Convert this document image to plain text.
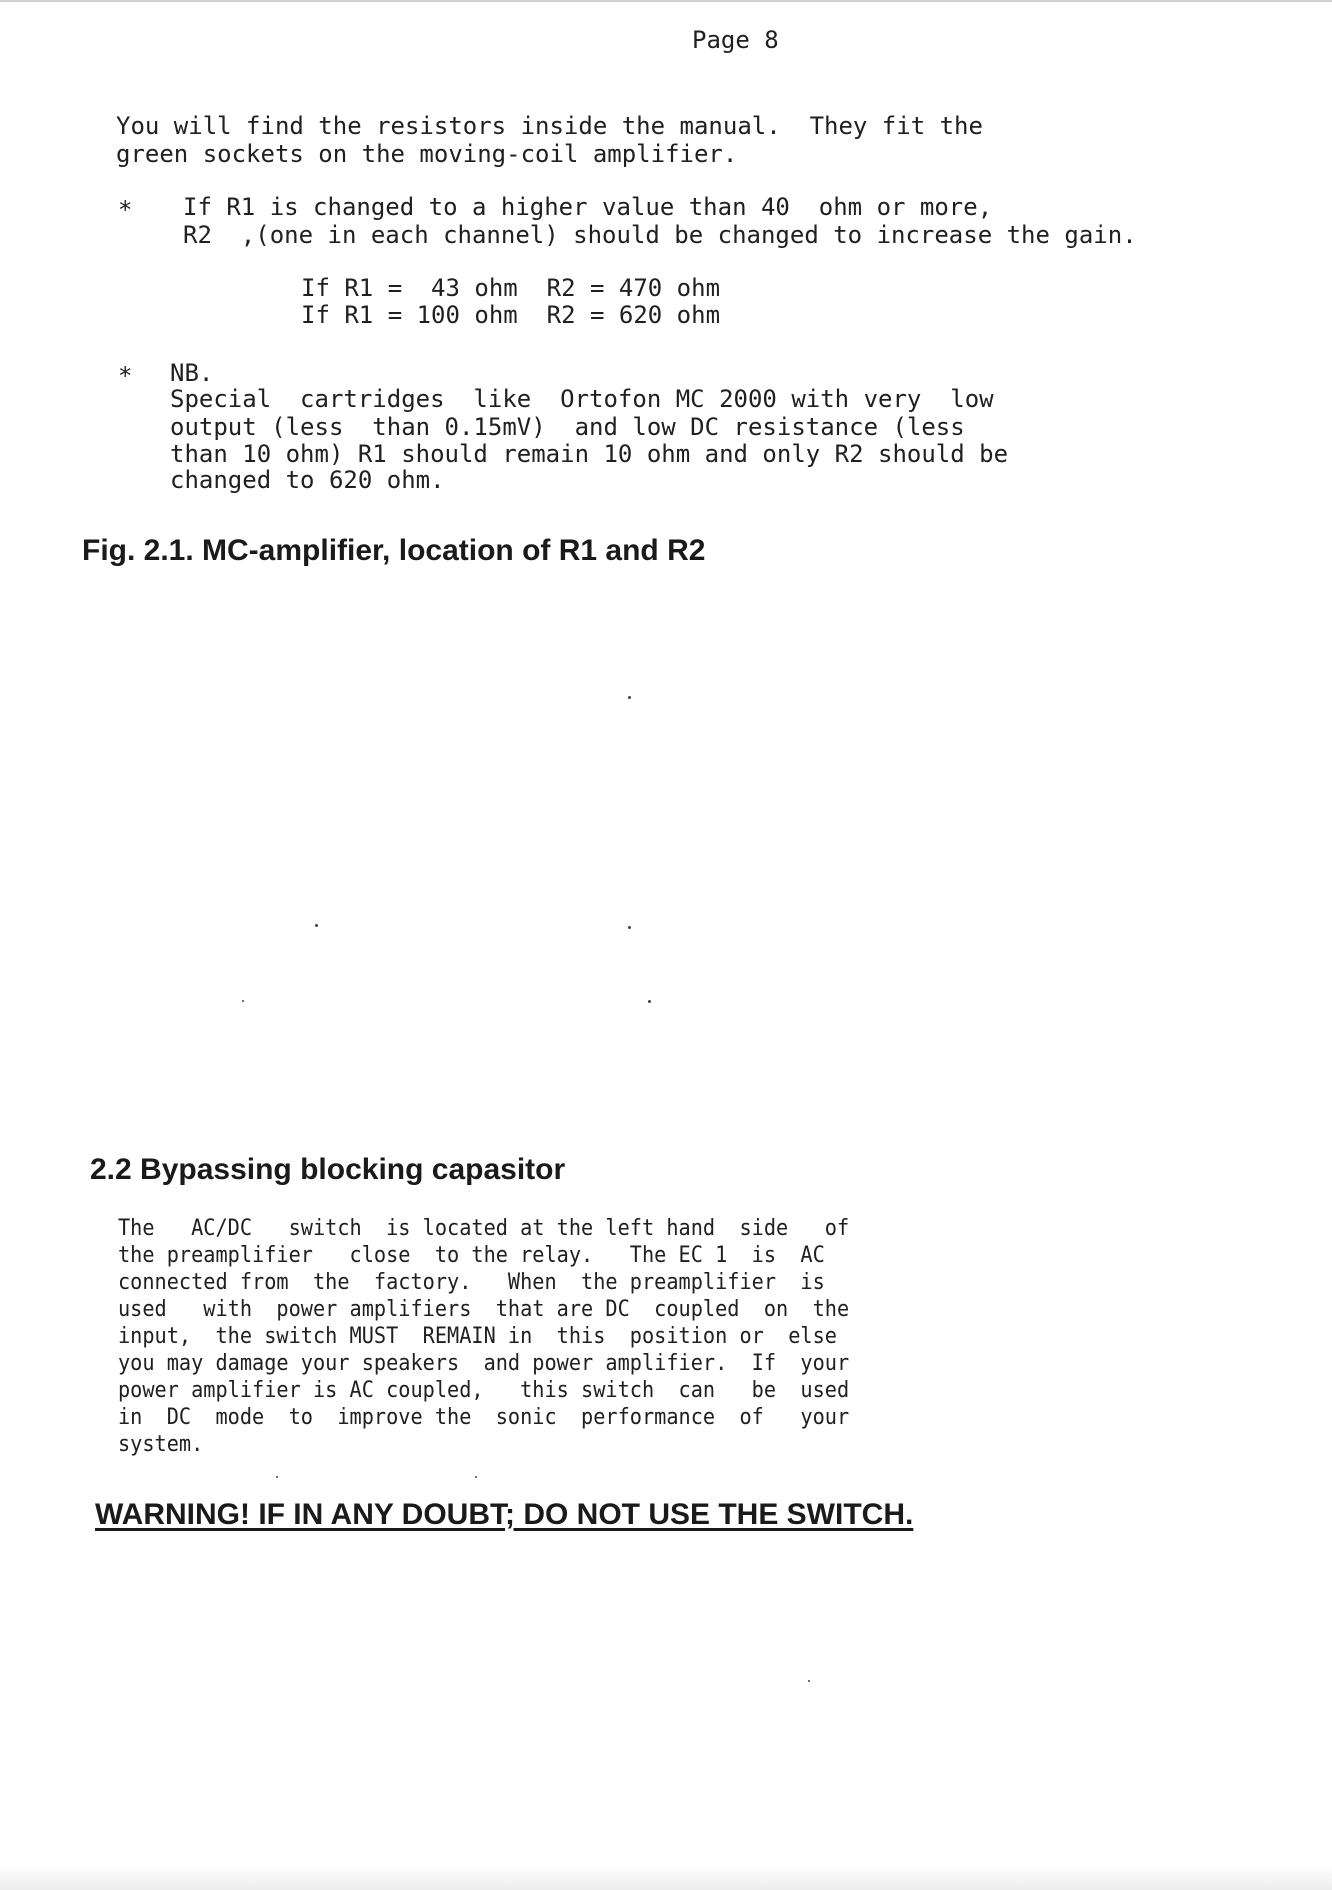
Page 8
You will find the resistors inside the manual.  They fit the
green sockets on the moving-coil amplifier.
* If R1 is changed to a higher value than 40  ohm or more,
R2  ,(one in each channel) should be changed to increase the gain.
If R1 =  43 ohm  R2 = 470 ohm
If R1 = 100 ohm  R2 = 620 ohm
* NB.
Special  cartridges  like  Ortofon MC 2000 with very  low
output (less  than 0.15mV)  and low DC resistance (less
than 10 ohm) R1 should remain 10 ohm and only R2 should be
changed to 620 ohm.
Fig. 2.1. MC-amplifier, location of R1 and R2
2.2 Bypassing blocking capasitor
The   AC/DC   switch  is located at the left hand  side   of
the preamplifier   close  to the relay.   The EC 1  is  AC
connected from  the  factory.   When  the preamplifier  is
used   with  power amplifiers  that are DC  coupled  on  the
input,  the switch MUST  REMAIN in  this  position or  else
you may damage your speakers  and power amplifier.  If  your
power amplifier is AC coupled,   this switch  can   be  used
in  DC  mode  to  improve the  sonic  performance  of   your
system.
WARNING! IF IN ANY DOUBT; DO NOT USE THE SWITCH.
